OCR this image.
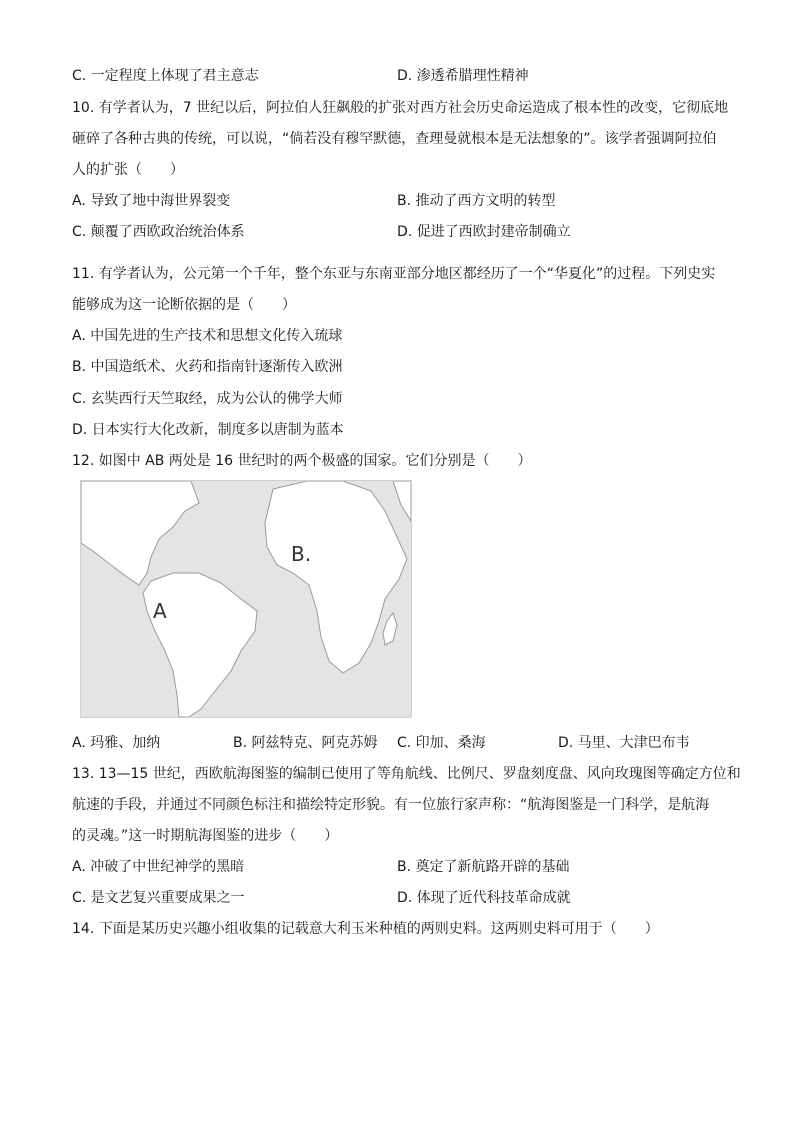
C. 一定程度上体现了君主意志	D. 渗透希腊理性精神
10. 有学者认为，7 世纪以后，阿拉伯人狂飙般的扩张对西方社会历史命运造成了根本性的改变，它彻底地
砸碎了各种古典的传统，可以说，“倘若没有穆罕默德，查理曼就根本是无法想象的”。该学者强调阿拉伯
人的扩张（　　）
A. 导致了地中海世界裂变	B. 推动了西方文明的转型
C. 颠覆了西欧政治统治体系	D. 促进了西欧封建帝制确立
11. 有学者认为，公元第一个千年，整个东亚与东南亚部分地区都经历了一个“华夏化”的过程。下列史实
能够成为这一论断依据的是（　　）
A. 中国先进的生产技术和思想文化传入琉球
B. 中国造纸术、火药和指南针逐渐传入欧洲
C. 玄奘西行天竺取经，成为公认的佛学大师
D. 日本实行大化改新，制度多以唐制为蓝本
12. 如图中 AB 两处是 16 世纪时的两个极盛的国家。它们分别是（　　）
B.
A
A. 玛雅、加纳	B. 阿兹特克、阿克苏姆 C. 印加、桑海	D. 马里、大津巴布韦
13. 13—15 世纪，西欧航海图鉴的编制已使用了等角航线、比例尺、罗盘刻度盘、风向玫瑰图等确定方位和
航速的手段，并通过不同颜色标注和描绘特定形貌。有一位旅行家声称：“航海图鉴是一门科学，是航海
的灵魂。”这一时期航海图鉴的进步（　　）
A. 冲破了中世纪神学的黑暗	B. 奠定了新航路开辟的基础
C. 是文艺复兴重要成果之一	D. 体现了近代科技革命成就
14. 下面是某历史兴趣小组收集的记载意大利玉米种植的两则史料。这两则史料可用于（　　）
